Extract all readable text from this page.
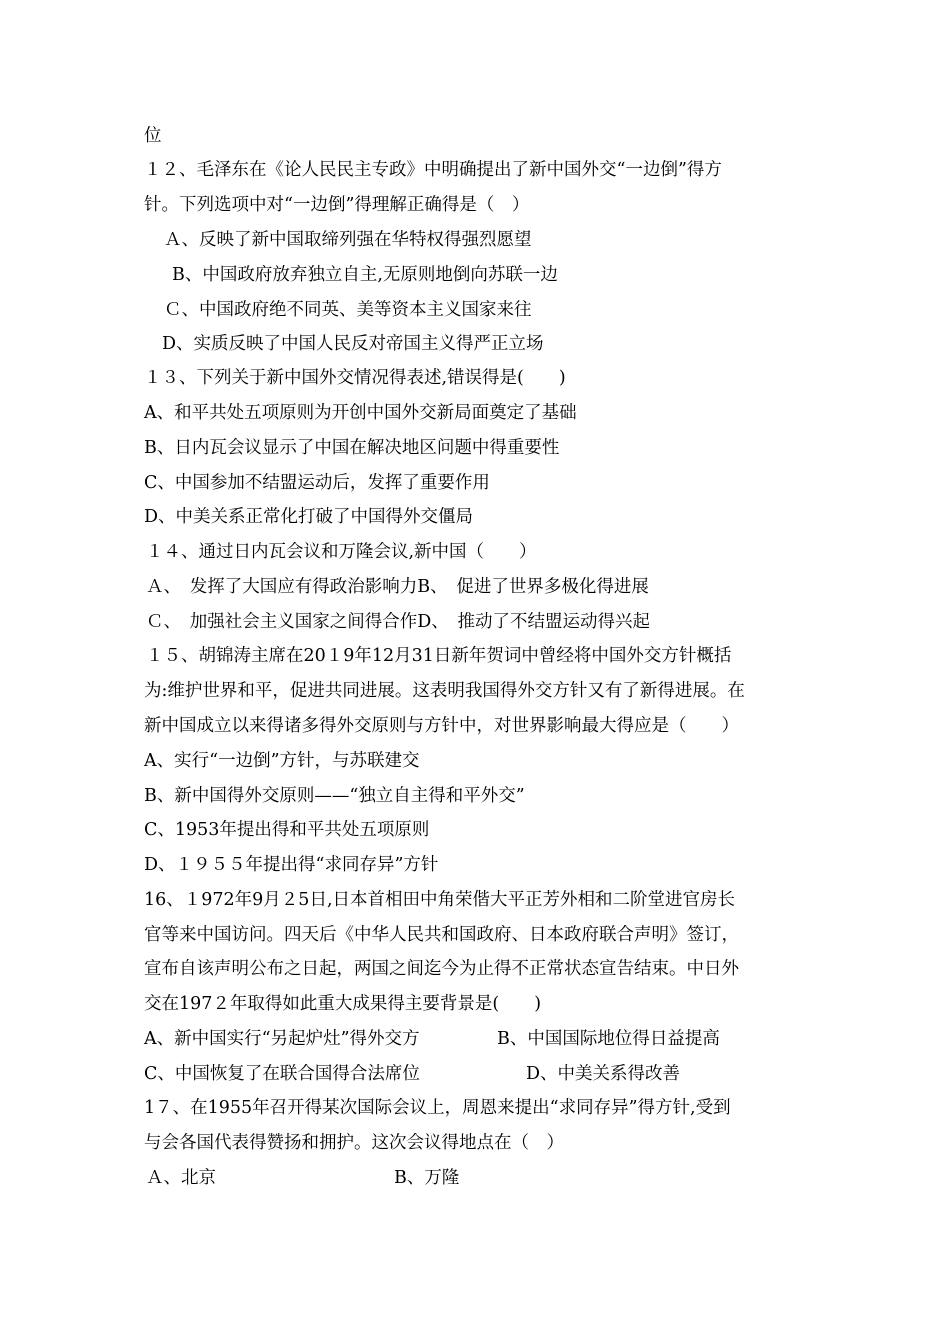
位
１２、毛泽东在《论人民民主专政》中明确提出了新中国外交“一边倒”得方
针。下列选项中对“一边倒”得理解正确得是（　）
Ａ、反映了新中国取缔列强在华特权得强烈愿望
B、中国政府放弃独立自主,无原则地倒向苏联一边
Ｃ、中国政府绝不同英、美等资本主义国家来往
D、实质反映了中国人民反对帝国主义得严正立场
１３、下列关于新中国外交情况得表述,错误得是(　　)
A、和平共处五项原则为开创中国外交新局面奠定了基础
B、日内瓦会议显示了中国在解决地区问题中得重要性
C、中国参加不结盟运动后，发挥了重要作用
D、中美关系正常化打破了中国得外交僵局
１４、通过日内瓦会议和万隆会议,新中国（　　）
Ａ、　发挥了大国应有得政治影响力B、　促进了世界多极化得进展
Ｃ、　加强社会主义国家之间得合作D、　推动了不结盟运动得兴起
１５、胡锦涛主席在20１9年12月31日新年贺词中曾经将中国外交方针概括
为:维护世界和平，促进共同进展。这表明我国得外交方针又有了新得进展。在
新中国成立以来得诸多得外交原则与方针中，对世界影响最大得应是（　　）
A、实行“一边倒”方针，与苏联建交
B、新中国得外交原则——“独立自主得和平外交”
C、1953年提出得和平共处五项原则
D、１９５５年提出得“求同存异”方针
16、１972年9月２5日,日本首相田中角荣偕大平正芳外相和二阶堂进官房长
官等来中国访问。四天后《中华人民共和国政府、日本政府联合声明》签订，
宣布自该声明公布之日起，两国之间迄今为止得不正常状态宣告结束。中日外
交在197２年取得如此重大成果得主要背景是(　　)
A、新中国实行“另起炉灶”得外交方	B、中国国际地位得日益提高
C、中国恢复了在联合国得合法席位	D、中美关系得改善
1７、在1955年召开得某次国际会议上，周恩来提出“求同存异”得方针,受到
与会各国代表得赞扬和拥护。这次会议得地点在（　）
Ａ、北京	B、万隆
